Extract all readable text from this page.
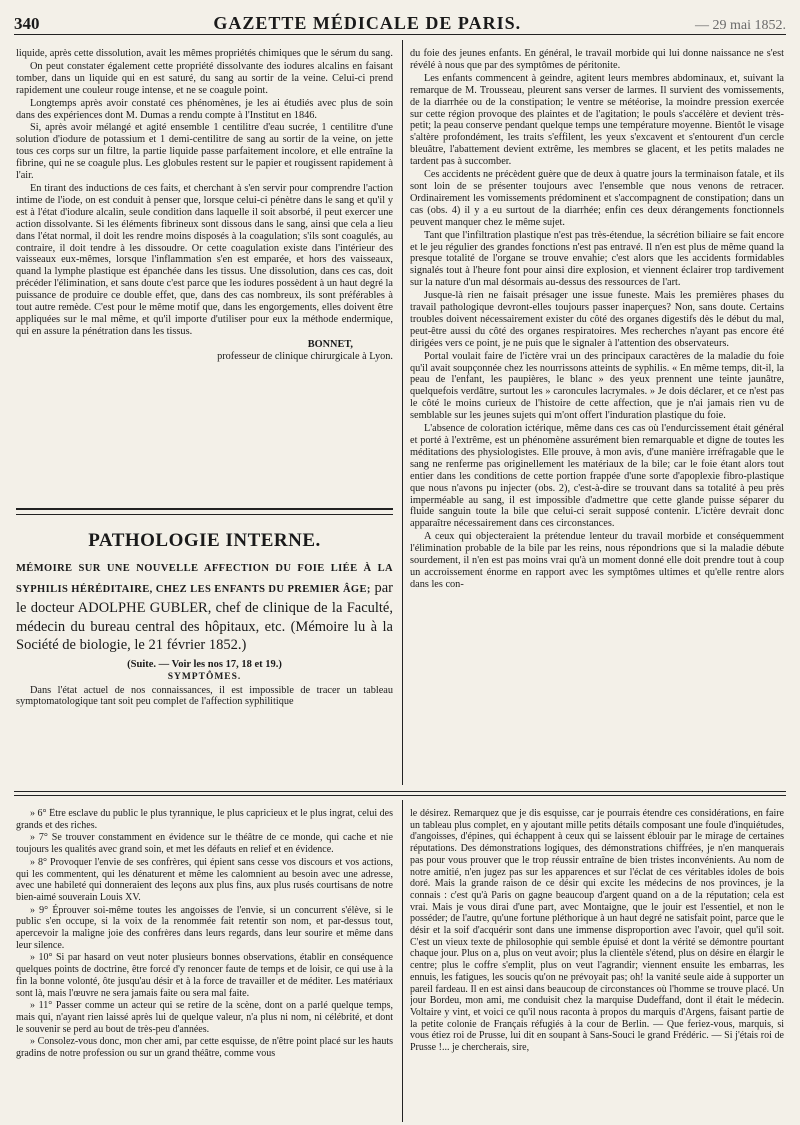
340	GAZETTE MÉDICALE DE PARIS.	— 29 mai 1852.

liquide, après cette dissolution, avait les mêmes propriétés chimiques que le sérum du sang.

On peut constater également cette propriété dissolvante des iodures alcalins en faisant tomber, dans un liquide qui en est saturé, du sang au sortir de la veine. Celui-ci prend rapidement une couleur rouge intense, et ne se coagule point.

Longtemps après avoir constaté ces phénomènes, je les ai étudiés avec plus de soin dans des expériences dont M. Dumas a rendu compte à l'Institut en 1846.

Si, après avoir mélangé et agité ensemble 1 centilitre d'eau sucrée, 1 centilitre d'une solution d'iodure de potassium et 1 demi-centilitre de sang au sortir de la veine, on jette tous ces corps sur un filtre, la partie liquide passe parfaitement incolore, et elle entraîne la fibrine, qui ne se coagule plus. Les globules restent sur le papier et rougissent rapidement à l'air.

En tirant des inductions de ces faits, et cherchant à s'en servir pour comprendre l'action intime de l'iode, on est conduit à penser que, lorsque celui-ci pénètre dans le sang et qu'il y est à l'état d'iodure alcalin, seule condition dans laquelle il soit absorbé, il peut exercer une action dissolvante. Si les éléments fibrineux sont dissous dans le sang, ainsi que cela a lieu dans l'état normal, il doit les rendre moins disposés à la coagulation; s'ils sont coagulés, au contraire, il doit tendre à les dissoudre. Or cette coagulation existe dans l'intérieur des vaisseaux eux-mêmes, lorsque l'inflammation s'en est emparée, et hors des vaisseaux, quand la lymphe plastique est épanchée dans les tissus. Une dissolution, dans ces cas, doit précéder l'élimination, et sans doute c'est parce que les iodures possèdent à un haut degré la puissance de produire ce double effet, que, dans des cas nombreux, ils sont préférables à tout autre remède. C'est pour le même motif que, dans les engorgements, elles doivent être appliquées sur le mal même, et qu'il importe d'utiliser pour eux la méthode endermique, qui en assure la pénétration dans les tissus.

BONNET,
professeur de clinique chirurgicale à Lyon.
PATHOLOGIE INTERNE.

MÉMOIRE SUR UNE NOUVELLE AFFECTION DU FOIE LIÉE À LA SYPHILIS HÉRÉDITAIRE, CHEZ LES ENFANTS DU PREMIER ÂGE; par le docteur ADOLPHE GUBLER, chef de clinique de la Faculté, médecin du bureau central des hôpitaux, etc. (Mémoire lu à la Société de biologie, le 21 février 1852.)

(Suite. — Voir les nos 17, 18 et 19.)
SYMPTÔMES.

Dans l'état actuel de nos connaissances, il est impossible de tracer un tableau symptomatologique tant soit peu complet de l'affection syphilitique

du foie des jeunes enfants. En général, le travail morbide qui lui donne naissance ne s'est révélé à nous que par des symptômes de péritonite.

Les enfants commencent à geindre, agitent leurs membres abdominaux, et, suivant la remarque de M. Trousseau, pleurent sans verser de larmes. Il survient des vomissements, de la diarrhée ou de la constipation; le ventre se météorise, la moindre pression exercée sur cette région provoque des plaintes et de l'agitation; le pouls s'accélère et devient très-petit; la peau conserve pendant quelque temps une température moyenne. Bientôt le visage s'altère profondément, les traits s'effilent, les yeux s'excavent et s'entourent d'un cercle bleuâtre, l'abattement devient extrême, les membres se glacent, et les petits malades ne tardent pas à succomber.

Ces accidents ne précèdent guère que de deux à quatre jours la terminaison fatale, et ils sont loin de se présenter toujours avec l'ensemble que nous venons de retracer. Ordinairement les vomissements prédominent et s'accompagnent de constipation; dans un cas (obs. 4) il y a eu surtout de la diarrhée; enfin ces deux dérangements fonctionnels peuvent manquer chez le même sujet.

Tant que l'infiltration plastique n'est pas très-étendue, la sécrétion biliaire se fait encore et le jeu régulier des grandes fonctions n'est pas entravé. Il n'en est plus de même quand la presque totalité de l'organe se trouve envahie; c'est alors que les accidents formidables signalés tout à l'heure font pour ainsi dire explosion, et viennent éclairer trop tardivement sur la nature d'un mal désormais au-dessus des ressources de l'art.

Jusque-là rien ne faisait présager une issue funeste. Mais les premières phases du travail pathologique devront-elles toujours passer inaperçues? Non, sans doute. Certains troubles doivent nécessairement exister du côté des organes digestifs dès le début du mal, peut-être aussi du côté des organes respiratoires. Mes recherches n'ayant pas encore été dirigées vers ce point, je ne puis que le signaler à l'attention des observateurs.

Portal voulait faire de l'ictère vrai un des principaux caractères de la maladie du foie qu'il avait soupçonnée chez les nourrissons atteints de syphilis. « En même temps, dit-il, la peau de l'enfant, les paupières, le blanc » des yeux prennent une teinte jaunâtre, quelquefois verdâtre, surtout les » caroncules lacrymales. » Je dois déclarer, et ce n'est pas le côté le moins curieux de l'histoire de cette affection, que je n'ai jamais rien vu de semblable sur les jeunes sujets qui m'ont offert l'induration plastique du foie.

L'absence de coloration ictérique, même dans ces cas où l'endurcissement était général et porté à l'extrême, est un phénomène assurément bien remarquable et digne de toutes les méditations des physiologistes. Elle prouve, à mon avis, d'une manière irréfragable que le sang ne renferme pas originellement les matériaux de la bile; car le foie étant alors tout entier dans les conditions de cette portion frappée d'une sorte d'apoplexie fibro-plastique que nous n'avons pu injecter (obs. 2), c'est-à-dire se trouvant dans sa totalité à peu près imperméable au sang, il est impossible d'admettre que cette glande puisse séparer du fluide sanguin toute la bile que celui-ci serait supposé contenir. L'ictère devrait donc apparaître nécessairement dans ces circonstances.

A ceux qui objecteraient la prétendue lenteur du travail morbide et conséquemment l'élimination probable de la bile par les reins, nous répondrions que si la maladie débute sourdement, il n'en est pas moins vrai qu'à un moment donné elle doit prendre tout à coup un accroissement énorme en rapport avec les symptômes ultimes et qu'elle rentre alors dans les con-

» 6° Être esclave du public le plus tyrannique, le plus capricieux et le plus ingrat, celui des grands et des riches.

» 7° Se trouver constamment en évidence sur le théâtre de ce monde, qui cache et nie toujours les qualités avec grand soin, et met les défauts en relief et en évidence.

» 8° Provoquer l'envie de ses confrères, qui épient sans cesse vos discours et vos actions, qui les commentent, qui les dénaturent et même les calomnient au besoin avec une adresse, avec une habileté qui donneraient des leçons aux plus fins, aux plus rusés courtisans de notre bien-aimé souverain Louis XV.

» 9° Éprouver soi-même toutes les angoisses de l'envie, si un concurrent s'élève, si le public s'en occupe, si la voix de la renommée fait retentir son nom, et par-dessus tout, apercevoir la maligne joie des confrères dans leurs regards, dans leur sourire et même dans leur silence.

» 10° Si par hasard on veut noter plusieurs bonnes observations, établir en conséquence quelques points de doctrine, être forcé d'y renoncer faute de temps et de loisir, ce qui use à la fin la bonne volonté, ôte jusqu'au désir et à la force de travailler et de méditer. Les matériaux sont là, mais l'œuvre ne sera jamais faite ou sera mal faite.

» 11° Passer comme un acteur qui se retire de la scène, dont on a parlé quelque temps, mais qui, n'ayant rien laissé après lui de quelque valeur, n'a plus ni nom, ni célébrité, et dont le souvenir se perd au bout de très-peu d'années.

» Consolez-vous donc, mon cher ami, par cette esquisse, de n'être point placé sur les hauts gradins de notre profession ou sur un grand théâtre, comme vous

le désirez. Remarquez que je dis esquisse, car je pourrais étendre ces considérations, en faire un tableau plus complet, en y ajoutant mille petits détails composant une foule d'inquiétudes, d'angoisses, d'épines, qui échappent à ceux qui se laissent éblouir par le mirage de certaines réputations. Des démonstrations logiques, des démonstrations chiffrées, je n'en manquerais pas pour vous prouver que le trop réussir entraîne de bien tristes inconvénients. Au nom de notre amitié, n'en jugez pas sur les apparences et sur l'éclat de ces véritables idoles de bois doré. Mais la grande raison de ce désir qui excite les médecins de nos provinces, je la connais : c'est qu'à Paris on gagne beaucoup d'argent quand on a de la réputation; cela est vrai. Mais je vous dirai d'une part, avec Montaigne, que le jouir est l'essentiel, et non le posséder; de l'autre, qu'une fortune pléthorique à un haut degré ne satisfait point, parce que le désir et la soif d'acquérir sont dans une immense disproportion avec l'avoir, quel qu'il soit. C'est un vieux texte de philosophie qui semble épuisé et dont la vérité se démontre pourtant chaque jour. Plus on a, plus on veut avoir; plus la clientèle s'étend, plus on désire en élargir le centre; plus le coffre s'emplit, plus on veut l'agrandir; viennent ensuite les embarras, les ennuis, les fatigues, les soucis qu'on ne prévoyait pas; oh! la vanité seule aide à supporter un pareil fardeau. Il en est ainsi dans beaucoup de circonstances où l'homme se trouve placé. Un jour Bordeu, mon ami, me conduisit chez la marquise Dudeffand, dont il était le médecin. Voltaire y vint, et voici ce qu'il nous raconta à propos du marquis d'Argens, faisant partie de la petite colonie de Français réfugiés à la cour de Berlin. — Que feriez-vous, marquis, si vous étiez roi de Prusse, lui dit en soupant à Sans-Souci le grand Frédéric. — Si j'étais roi de Prusse !... je chercherais, sire,
